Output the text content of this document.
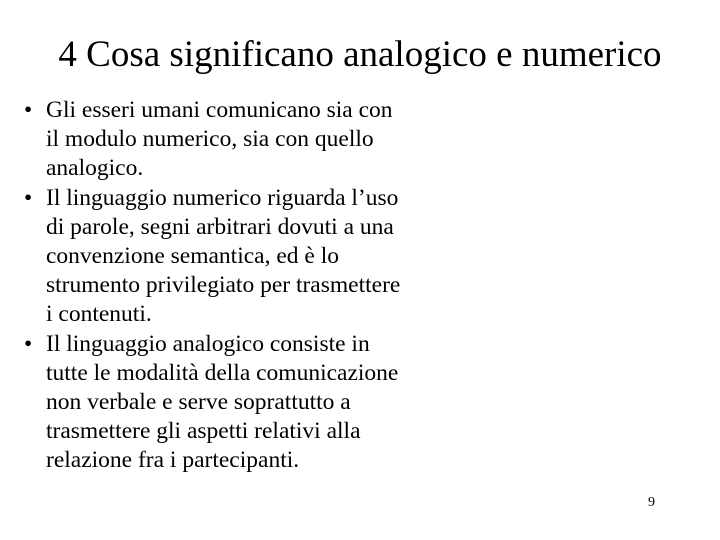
4 Cosa significano analogico e numerico
• Gli esseri umani comunicano sia con
il modulo numerico, sia con quello
analogico.
• Il linguaggio numerico riguarda l’uso
di parole, segni arbitrari dovuti a una
convenzione semantica, ed è lo
strumento privilegiato per trasmettere
i contenuti.
• Il linguaggio analogico consiste in
tutte le modalità della comunicazione
non verbale e serve soprattutto a
trasmettere gli aspetti relativi alla
relazione fra i partecipanti.
9
